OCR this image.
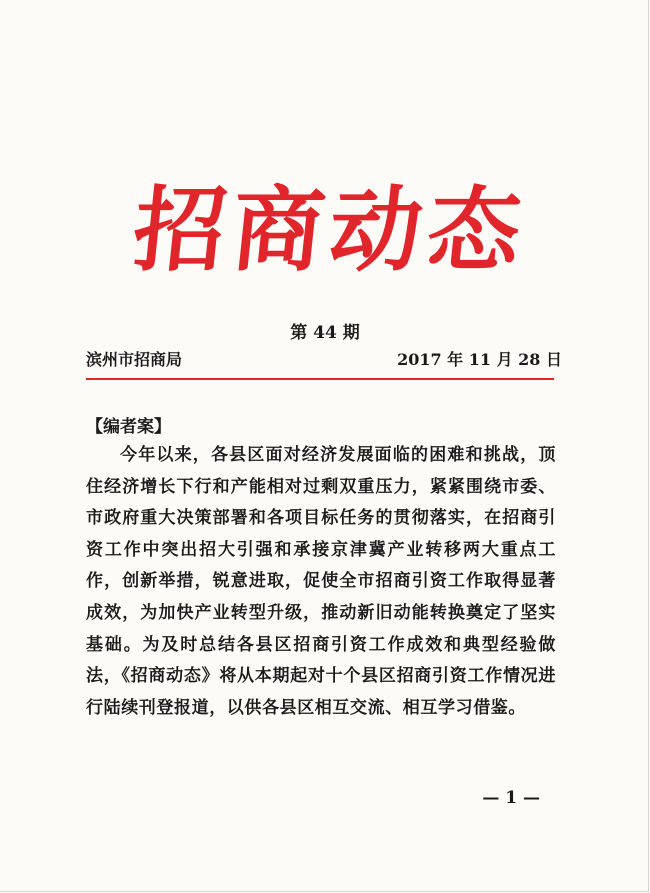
招商动态
第 44 期
滨州市招商局	2017 年 11 月 28 日
【编者案】
今年以来，各县区面对经济发展面临的困难和挑战，顶住经济增长下行和产能相对过剩双重压力，紧紧围绕市委、市政府重大决策部署和各项目标任务的贯彻落实，在招商引资工作中突出招大引强和承接京津冀产业转移两大重点工作，创新举措，锐意进取，促使全市招商引资工作取得显著成效，为加快产业转型升级，推动新旧动能转换奠定了坚实基础。为及时总结各县区招商引资工作成效和典型经验做法，《招商动态》将从本期起对十个县区招商引资工作情况进行陆续刊登报道，以供各县区相互交流、相互学习借鉴。
— 1 —
